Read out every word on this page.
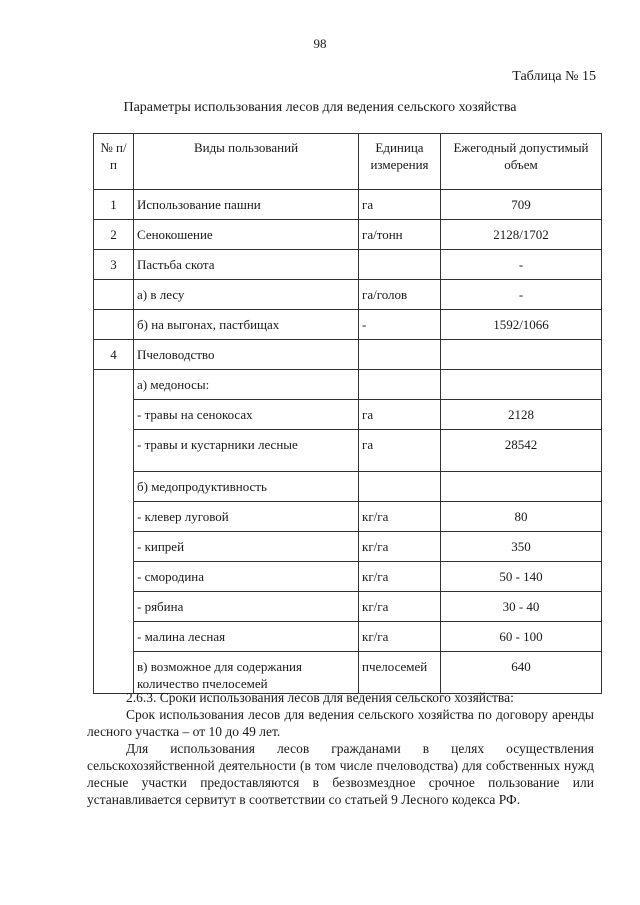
98
Таблица № 15
Параметры использования лесов для ведения сельского хозяйства
№ п/п	Виды пользований	Единица измерения	Ежегодный допустимый объем
1	Использование пашни	га	709
2	Сенокошение	га/тонн	2128/1702
3	Пастьба скота		-
	а) в лесу	га/голов	-
	б) на выгонах, пастбищах	-	1592/1066
4	Пчеловодство		
	а) медоносы:		
	- травы на сенокосах	га	2128
	- травы и кустарники лесные	га	28542
	б) медопродуктивность		
	- клевер луговой	кг/га	80
	- кипрей	кг/га	350
	- смородина	кг/га	50 - 140
	- рябина	кг/га	30 - 40
	- малина лесная	кг/га	60 - 100
	в) возможное для содержания количество пчелосемей	пчелосемей	640

2.6.3. Сроки использования лесов для ведения сельского хозяйства:

Срок использования лесов для ведения сельского хозяйства по договору аренды лесного участка – от 10 до 49 лет.

Для использования лесов гражданами в целях осуществления сельскохозяйственной деятельности (в том числе пчеловодства) для собственных нужд лесные участки предоставляются в безвозмездное срочное пользование или устанавливается сервитут в соответствии со статьей 9 Лесного кодекса РФ.
